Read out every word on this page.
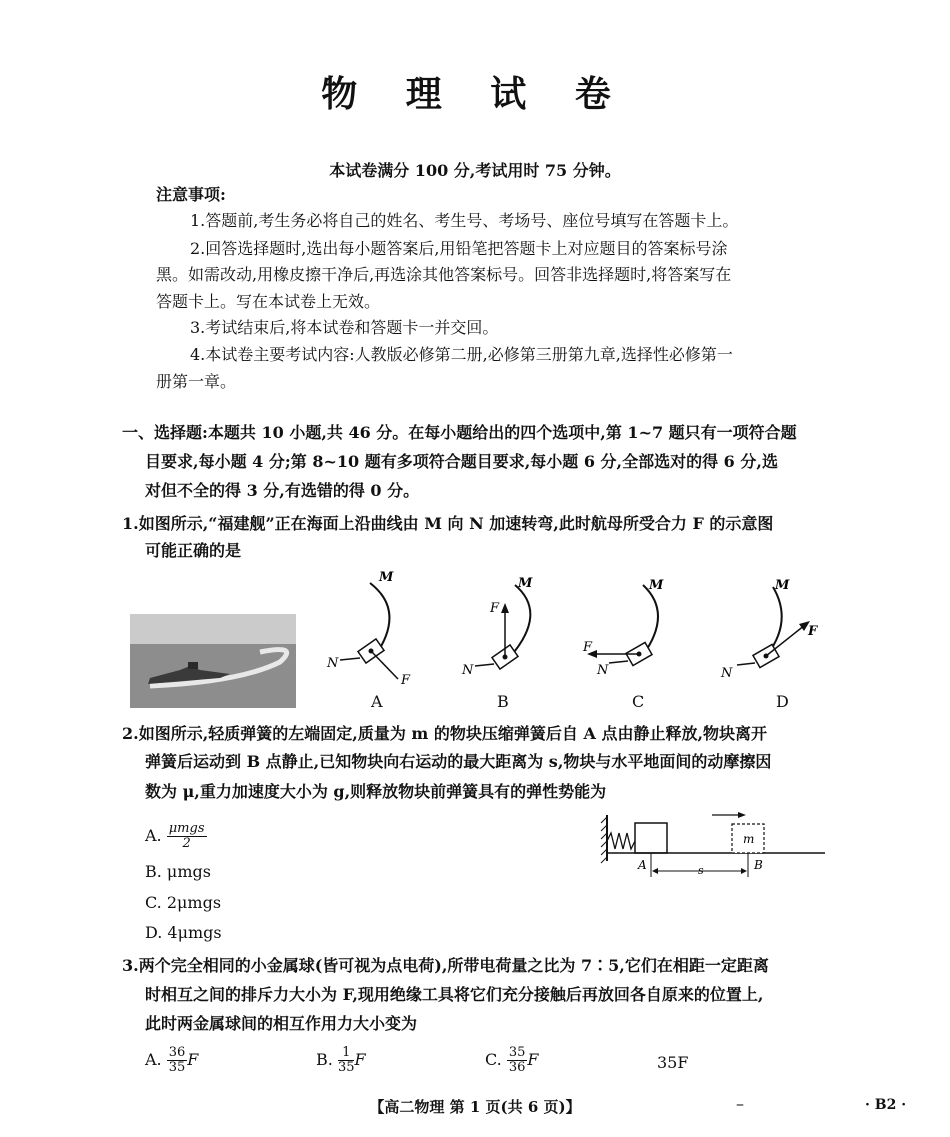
物 理 试 卷
本试卷满分 100 分,考试用时 75 分钟。
注意事项:
1.答题前,考生务必将自己的姓名、考生号、考场号、座位号填写在答题卡上。
2.回答选择题时,选出每小题答案后,用铅笔把答题卡上对应题目的答案标号涂
黑。如需改动,用橡皮擦干净后,再选涂其他答案标号。回答非选择题时,将答案写在
答题卡上。写在本试卷上无效。
3.考试结束后,将本试卷和答题卡一并交回。
4.本试卷主要考试内容:人教版必修第二册,必修第三册第九章,选择性必修第一
册第一章。
一、选择题:本题共 10 小题,共 46 分。在每小题给出的四个选项中,第 1~7 题只有一项符合题
目要求,每小题 4 分;第 8~10 题有多项符合题目要求,每小题 6 分,全部选对的得 6 分,选
对但不全的得 3 分,有选错的得 0 分。
1.如图所示,“福建舰”正在海面上沿曲线由 M 向 N 加速转弯,此时航母所受合力 F 的示意图
可能正确的是
M
N
F
A
M
N
F
B
M
N
F
C
M
N
F
D
2.如图所示,轻质弹簧的左端固定,质量为 m 的物块压缩弹簧后自 A 点由静止释放,物块离开
弹簧后运动到 B 点静止,已知物块向右运动的最大距离为 s,物块与水平地面间的动摩擦因
数为 μ,重力加速度大小为 g,则释放物块前弹簧具有的弹性势能为
A. $\frac{\text{μmgs}}{2}$
B. μmgs
C. 2μmgs
D. 4μmgs
m
A	B
s
3.两个完全相同的小金属球(皆可视为点电荷),所带电荷量之比为 7∶5,它们在相距一定距离
时相互之间的排斥力大小为 F,现用绝缘工具将它们充分接触后再放回各自原来的位置上,
此时两金属球间的相互作用力大小变为
A. $\frac{36}{35}$ F	B. $\frac{1}{35}$ F	C. $\frac{35}{36}$ F	35F
【高二物理 第 1 页(共 6 页)】	–	· B2 ·
